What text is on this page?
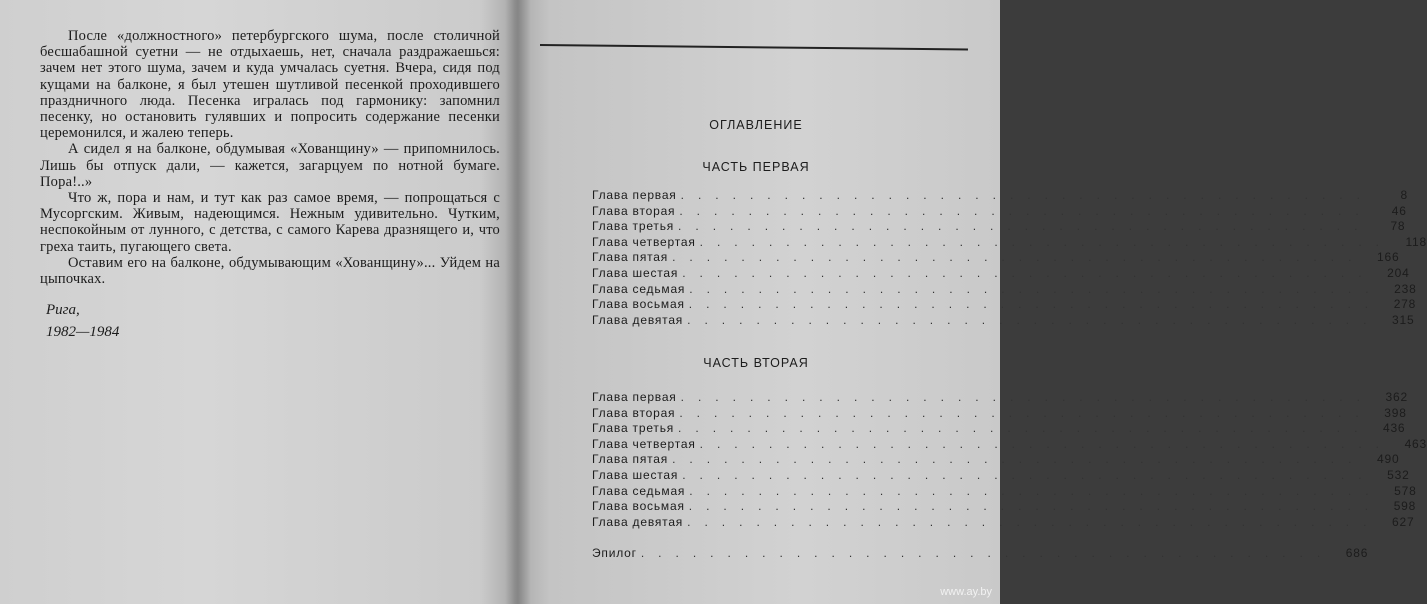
После «должностного» петербургского шума, после столичной бесшабашной суетни — не отдыхаешь, нет, сначала раздражаешься: зачем нет этого шума, зачем и куда умчалась суетня. Вчера, сидя под кущами на балконе, я был утешен шутливой песенкой проходившего праздничного люда. Песенка игралась под гармонику: запомнил песенку, но остановить гулявших и попросить содержание песенки церемонился, и жалею теперь.

А сидел я на балконе, обдумывая «Хованщину» — припомнилось. Лишь бы отпуск дали, — кажется, загарцуем по нотной бумаге. Пора!..»

Что ж, пора и нам, и тут как раз самое время, — попрощаться с Мусоргским. Живым, надеющимся. Нежным удивительно. Чутким, неспокойным от лунного, с детства, с самого Карева дразнящего и, что греха таить, пугающего света.

Оставим его на балконе, обдумывающим «Хованщину»... Уйдем на цыпочках.

Рига,
1982—1984
ОГЛАВЛЕНИЕ
ЧАСТЬ ПЕРВАЯ
Глава первая ........................................	8
Глава вторая ........................................	46
Глава третья ........................................	78
Глава четвертая ........................................	118
Глава пятая ........................................ 166
Глава шестая ........................................ 204
Глава седьмая ........................................ 238
Глава восьмая ........................................ 278
Глава девятая ........................................ 315
ЧАСТЬ ВТОРАЯ
Глава первая ........................................ 362
Глава вторая ........................................ 398
Глава третья ........................................ 436
Глава четвертая ........................................ 463
Глава пятая ........................................ 490
Глава шестая ........................................ 532
Глава седьмая ........................................ 578
Глава восьмая ........................................ 598
Глава девятая ........................................ 627
Эпилог ........................................ 686
www.ay.by
